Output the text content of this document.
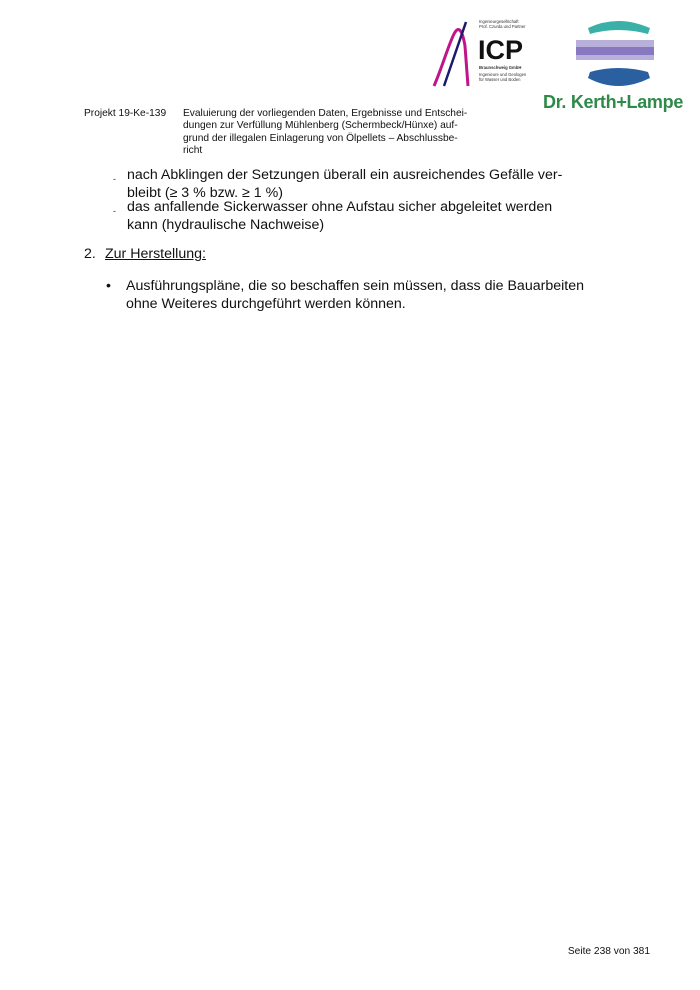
Ingenieurgesellschaft
Prof. Czurda und Partner
Braunschweig GmbH
Ingenieure und Geologen
für Wasser und Boden
ICP
Dr. Kerth+Lampe
Projekt 19-Ke-139 Evaluierung der vorliegenden Daten, Ergebnisse und Entschei-
dungen zur Verfüllung Mühlenberg (Schermbeck/Hünxe) auf-
grund der illegalen Einlagerung von Ölpellets – Abschlussbe-
richt
- nach Abklingen der Setzungen überall ein ausreichendes Gefälle ver-
bleibt (≥ 3 % bzw. ≥ 1 %)
- das anfallende Sickerwasser ohne Aufstau sicher abgeleitet werden
kann (hydraulische Nachweise)
2. Zur Herstellung:
• Ausführungspläne, die so beschaffen sein müssen, dass die Bauarbeiten
ohne Weiteres durchgeführt werden können.
Seite 238 von 381
